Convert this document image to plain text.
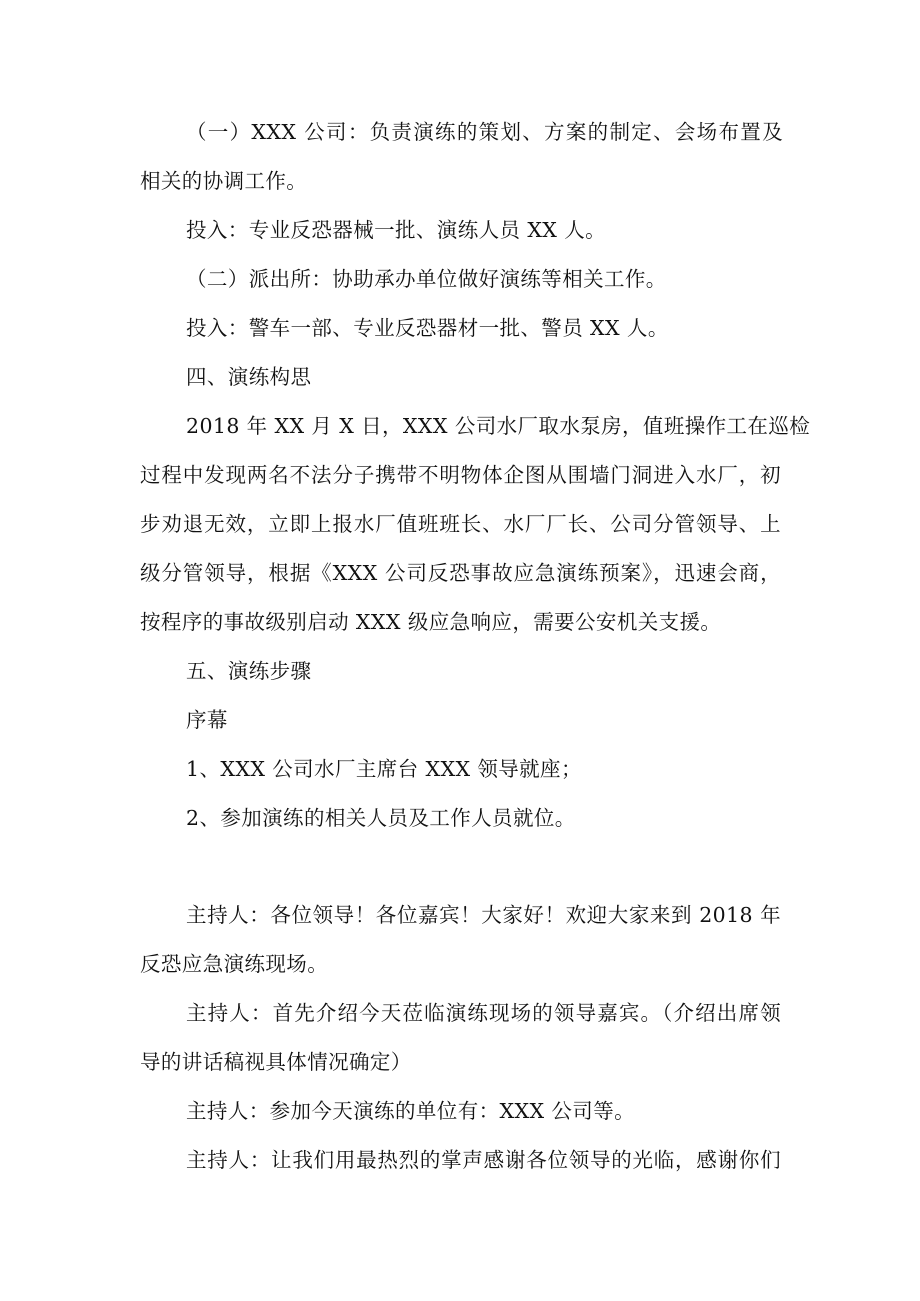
（一）XXX 公司：负责演练的策划、方案的制定、会场布置及
相关的协调工作。
投入：专业反恐器械一批、演练人员 XX 人。
（二）派出所：协助承办单位做好演练等相关工作。
投入：警车一部、专业反恐器材一批、警员 XX 人。
四、演练构思
2018 年 XX 月 X 日，XXX 公司水厂取水泵房，值班操作工在巡检
过程中发现两名不法分子携带不明物体企图从围墙门洞进入水厂，初
步劝退无效，立即上报水厂值班班长、水厂厂长、公司分管领导、上
级分管领导，根据《XXX 公司反恐事故应急演练预案》，迅速会商，
按程序的事故级别启动 XXX 级应急响应，需要公安机关支援。
五、演练步骤
序幕
1、XXX 公司水厂主席台 XXX 领导就座；
2、参加演练的相关人员及工作人员就位。
主持人：各位领导！各位嘉宾！大家好！欢迎大家来到 2018 年
反恐应急演练现场。
主持人：首先介绍今天莅临演练现场的领导嘉宾。（介绍出席领
导的讲话稿视具体情况确定）
主持人：参加今天演练的单位有：XXX 公司等。
主持人：让我们用最热烈的掌声感谢各位领导的光临，感谢你们
